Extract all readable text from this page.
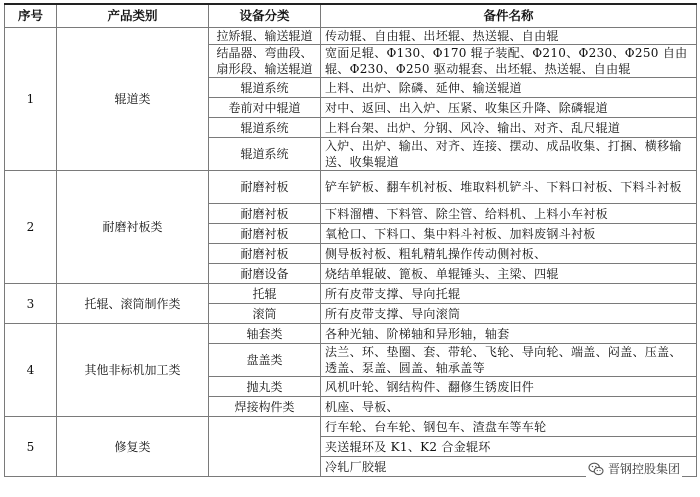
序号	产品类别	设备分类	备件名称
1	辊道类	拉矫辊、输送辊道	传动辊、自由辊、出坯辊、热送辊、自由辊
		结晶器、弯曲段、扇形段、输送辊道	宽面足辊、Φ130、Φ170 辊子装配、Φ210、Φ230、Φ250 自由辊、Φ230、Φ250 驱动辊套、出坯辊、热送辊、自由辊
		辊道系统	上料、出炉、除磷、延伸、输送辊道
		卷前对中辊道	对中、返回、出入炉、压紧、收集区升降、除磷辊道
		辊道系统	上料台架、出炉、分钢、风冷、输出、对齐、乱尺辊道
		辊道系统	入炉、出炉、输出、对齐、连接、摆动、成品收集、打捆、横移输送、收集辊道
2	耐磨衬板类	耐磨衬板	铲车铲板、翻车机衬板、堆取料机铲斗、下料口衬板、下料斗衬板
		耐磨衬板	下料溜槽、下料管、除尘管、给料机、上料小车衬板
		耐磨衬板	氧枪口、下料口、集中料斗衬板、加料废钢斗衬板
		耐磨衬板	侧导板衬板、粗轧精轧操作传动侧衬板、
		耐磨设备	烧结单辊破、篦板、单辊锤头、主梁、四辊
3	托辊、滚筒制作类	托辊	所有皮带支撑、导向托辊
		滚筒	所有皮带支撑、导向滚筒
4	其他非标机加工类	轴套类	各种光轴、阶梯轴和异形轴，轴套
		盘盖类	法兰、环、垫圈、套、带轮、飞轮、导向轮、端盖、闷盖、压盖、透盖、泵盖、圆盖、轴承盖等
		抛丸类	风机叶轮、钢结构件、翻修生锈废旧件
		焊接构件类	机座、导板、
5	修复类		行车轮、台车轮、钢包车、渣盘车等车轮
			夹送辊环及 K1、K2 合金辊环
			冷轧厂胶辊	晋钢控股集团
